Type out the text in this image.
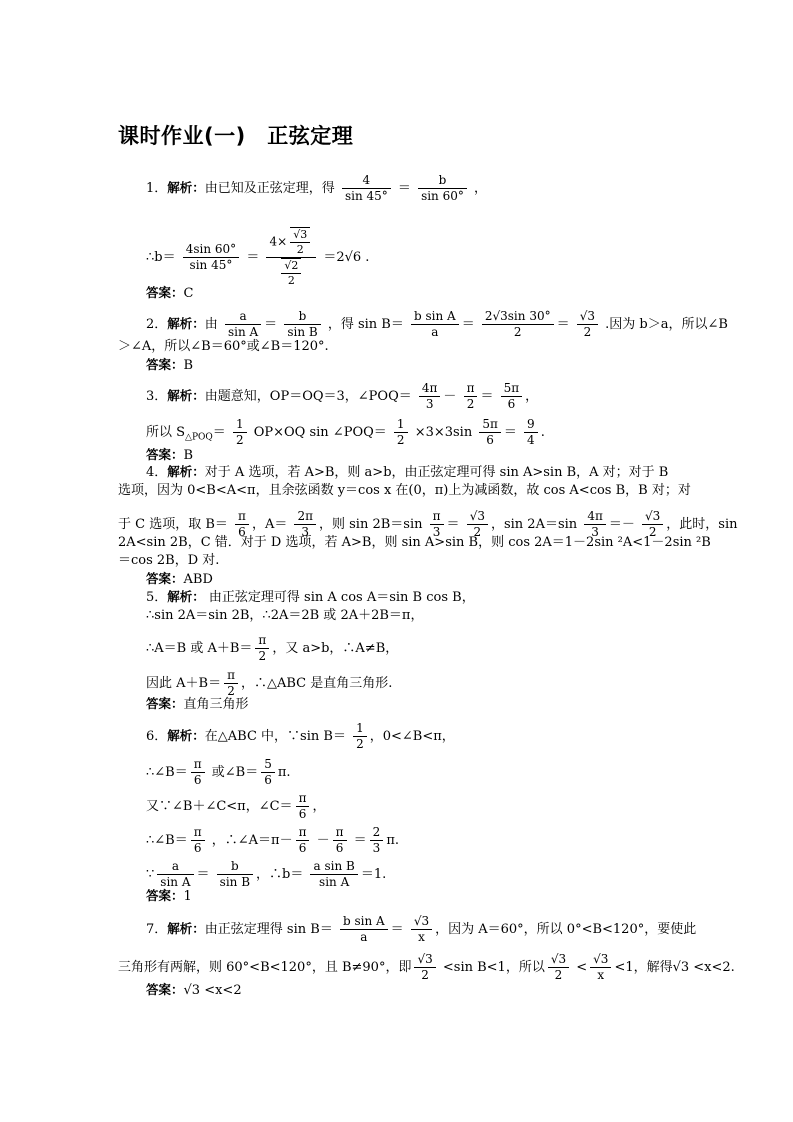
课时作业(一)　正弦定理
1．解析：由已知及正弦定理，得 $\frac{4}{\sin 45^\circ} = \frac{b}{\sin 60^\circ}$ ，
∴b＝ $\frac{4\sin 60^\circ}{\sin 45^\circ} = \frac{4\times \frac{√3}{2}}{\frac{√2}{2}} =2√6$ .
答案：C
2．解析：由 $\frac{a}{\text{sin A}} = \frac{b}{\text{sin B}}$ ，得 $\sin B= \frac{\text{b sin A}}{a} = \frac{2√3\sin 30^\circ}{2} = \frac{√3}{2}$ .因为 b＞a，所以∠B
＞∠A，所以∠B＝60°或∠B＝120°.
答案：B
3．解析：由题意知，OP＝OQ＝3，∠POQ＝ $\frac{4\pi}{3} - \frac{\pi}{2} = \frac{5\pi}{6}$ ，
所以 $S_{\triangle POQ}= \frac{1}{2} OP\times OQ$ sin ∠POQ＝ $\frac{1}{2} \times 3\times 3\sin \frac{5\pi}{6} = \frac{9}{4}$ .
答案：B
4．解析：对于 A 选项，若 A>B，则 a>b，由正弦定理可得 sin A>sin B，A 对；对于 B
选项，因为 0<B<A<π，且余弦函数 y＝cos x 在(0，π)上为减函数，故 cos A<cos B，B 对；对
于 C 选项，取 $B= \frac{\pi}{6}$ ，$A= \frac{2\pi}{3}$ ，则 $\sin 2B=\sin \frac{\pi}{3} = \frac{√3}{2}$ ，$\sin 2A=\sin \frac{4\pi}{3} =- \frac{√3}{2}$ ，此时，sin
2A<sin 2B，C 错．对于 D 选项，若 A>B，则 sin A>sin B，则 cos 2A＝1－2sin ²A<1－2sin ²B
＝cos 2B，D 对.
答案：ABD
5．解析： 由正弦定理可得 sin A cos A＝sin B cos B，
∴sin 2A＝sin 2B，∴2A＝2B 或 2A＋2B＝π，
∴A＝B 或 $A+B= \frac{\pi}{2}$ ，又 a>b，∴A≠B，
因此 $A+B= \frac{\pi}{2}$ ，∴△ABC 是直角三角形.
答案：直角三角形
6．解析：在△ABC 中，∵sin $B= \frac{1}{2}$ ，0<∠B<π，
∴∠B＝ $\frac{\pi}{6}$ 或∠B＝ $\frac{5}{6} \pi$.
又∵∠B＋∠C<π，∠C＝ $\frac{\pi}{6}$ ，
∴∠B＝ $\frac{\pi}{6}$ ，∴∠A＝π－ $\frac{\pi}{6} - \frac{\pi}{6} = \frac{2}{3} \pi$.
∵ $\frac{a}{\text{sin A}} = \frac{b}{\text{sin B}}$ ，∴b＝ $\frac{\text{a sin B}}{\text{sin A}} =1$.
答案：1
7．解析：由正弦定理得 $\sin B= \frac{\text{b sin A}}{a} = \frac{√3}{x}$ ，因为 A＝60°，所以 0°<B<120°，要使此
三角形有两解，则 60°<B<120°，且 B≠90°，即 $\frac{√3}{2} <\sin$ B<1，所以 $\frac{√3}{2} < \frac{√3}{x} <1$，解得√3 <x<2.
答案：√3 <x<2
